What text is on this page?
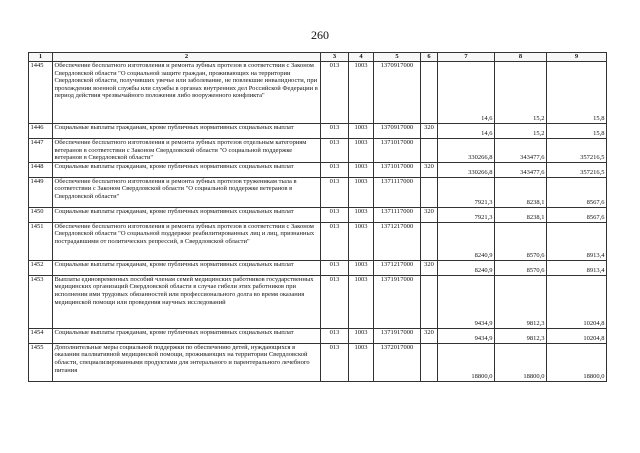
260
1	2	3	4	5	6	7	8	9
1445	Обеспечение бесплатного изготовления и ремонта зубных протезов в соответствии с Законом Свердловской области "О социальной защите граждан, проживающих на территории Свердловской области, получивших увечье или заболевание, не повлекшие инвалидности, при прохождении военной службы или службы в органах внутренних дел Российской Федерации в период действия чрезвычайного положения либо вооруженного конфликта"	013	1003	1370917000		14,6	15,2	15,8
1446	Социальные выплаты гражданам, кроме публичных нормативных социальных выплат	013	1003	1370917000	320	14,6	15,2	15,8
1447	Обеспечение бесплатного изготовления и ремонта зубных протезов отдельным категориям ветеранов в соответствии с Законом Свердловской области "О социальной поддержке ветеранов в Свердловской области"	013	1003	1371017000		330266,8	343477,6	357216,5
1448	Социальные выплаты гражданам, кроме публичных нормативных социальных выплат	013	1003	1371017000	320	330266,8	343477,6	357216,5
1449	Обеспечение бесплатного изготовления и ремонта зубных протезов труженикам тыла в соответствии с Законом Свердловской области "О социальной поддержке ветеранов в Свердловской области"	013	1003	1371117000		7921,3	8238,1	8567,6
1450	Социальные выплаты гражданам, кроме публичных нормативных социальных выплат	013	1003	1371117000	320	7921,3	8238,1	8567,6
1451	Обеспечение бесплатного изготовления и ремонта зубных протезов в соответствии с Законом Свердловской области "О социальной поддержке реабилитированных лиц и лиц, признанных пострадавшими от политических репрессий, в Свердловской области"	013	1003	1371217000		8240,9	8570,6	8913,4
1452	Социальные выплаты гражданам, кроме публичных нормативных социальных выплат	013	1003	1371217000	320	8240,9	8570,6	8913,4
1453	Выплаты единовременных пособий членам семей медицинских работников государственных медицинских организаций Свердловской области в случае гибели этих работников при исполнении ими трудовых обязанностей или профессионального долга во время оказания медицинской помощи или проведения научных исследований	013	1003	1371917000		9434,9	9812,3	10204,8
1454	Социальные выплаты гражданам, кроме публичных нормативных социальных выплат	013	1003	1371917000	320	9434,9	9812,3	10204,8
1455	Дополнительные меры социальной поддержки по обеспечению детей, нуждающихся в оказании паллиативной медицинской помощи, проживающих на территории Свердловской области, специализированными продуктами для энтерального и парентерального лечебного питания	013	1003	1372017000		18800,0	18800,0	18800,0
